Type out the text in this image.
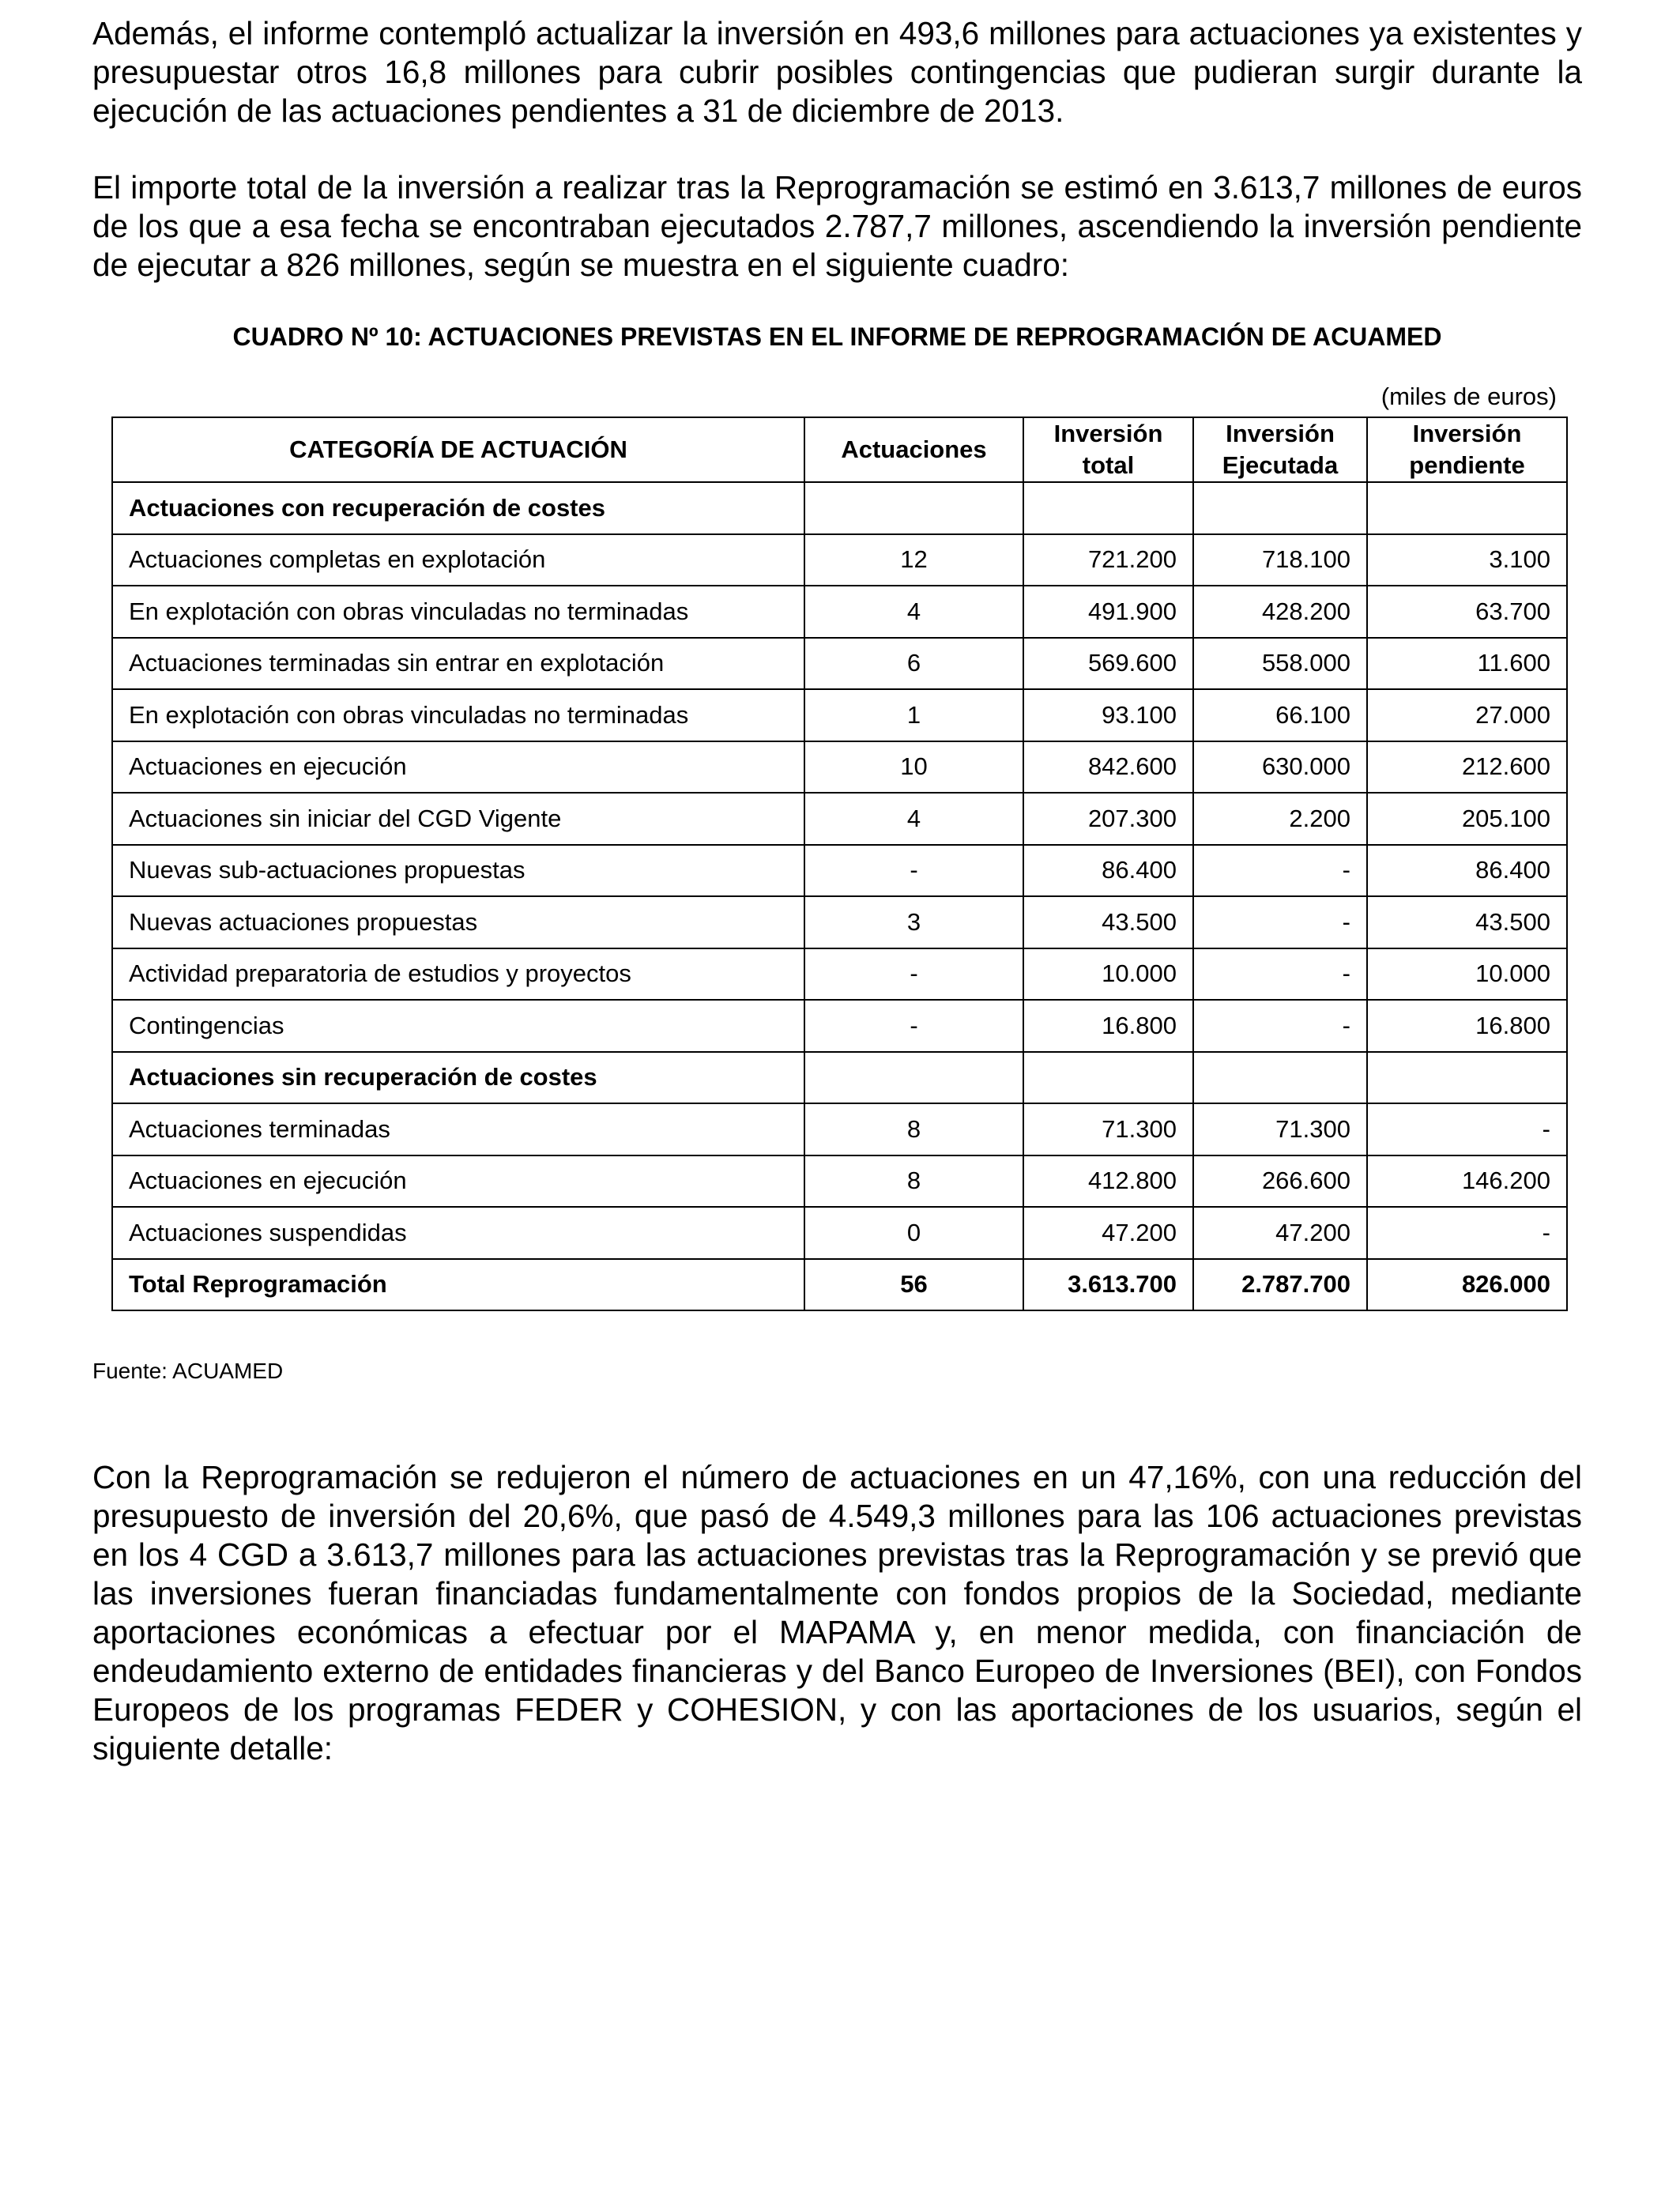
Además, el informe contempló actualizar la inversión en 493,6 millones para actuaciones ya existentes y presupuestar otros 16,8 millones para cubrir posibles contingencias que pudieran surgir durante la ejecución de las actuaciones pendientes a 31 de diciembre de 2013.

El importe total de la inversión a realizar tras la Reprogramación se estimó en 3.613,7 millones de euros de los que a esa fecha se encontraban ejecutados 2.787,7 millones, ascendiendo la inversión pendiente de ejecutar a 826 millones, según se muestra en el siguiente cuadro:

CUADRO Nº 10: ACTUACIONES PREVISTAS EN EL INFORME DE REPROGRAMACIÓN DE ACUAMED
(miles de euros)
CATEGORÍA DE ACTUACIÓN	Actuaciones	Inversión total	Inversión Ejecutada	Inversión pendiente
Actuaciones con recuperación de costes				
Actuaciones completas en explotación	12	721.200	718.100	3.100
En explotación con obras vinculadas no terminadas	4	491.900	428.200	63.700
Actuaciones terminadas sin entrar en explotación	6	569.600	558.000	11.600
En explotación con obras vinculadas no terminadas	1	93.100	66.100	27.000
Actuaciones en ejecución	10	842.600	630.000	212.600
Actuaciones sin iniciar del CGD Vigente	4	207.300	2.200	205.100
Nuevas sub-actuaciones propuestas	-	86.400	-	86.400
Nuevas actuaciones propuestas	3	43.500	-	43.500
Actividad preparatoria de estudios y proyectos	-	10.000	-	10.000
Contingencias	-	16.800	-	16.800
Actuaciones sin recuperación de costes				
Actuaciones terminadas	8	71.300	71.300	-
Actuaciones en ejecución	8	412.800	266.600	146.200
Actuaciones suspendidas	0	47.200	47.200	-
Total Reprogramación	56	3.613.700	2.787.700	826.000
Fuente: ACUAMED

Con la Reprogramación se redujeron el número de actuaciones en un 47,16%, con una reducción del presupuesto de inversión del 20,6%, que pasó de 4.549,3 millones para las 106 actuaciones previstas en los 4 CGD a 3.613,7 millones para las actuaciones previstas tras la Reprogramación y se previó que las inversiones fueran financiadas fundamentalmente con fondos propios de la Sociedad, mediante aportaciones económicas a efectuar por el MAPAMA y, en menor medida, con financiación de endeudamiento externo de entidades financieras y del Banco Europeo de Inversiones (BEI), con Fondos Europeos de los programas FEDER y COHESION, y con las aportaciones de los usuarios, según el siguiente detalle:
